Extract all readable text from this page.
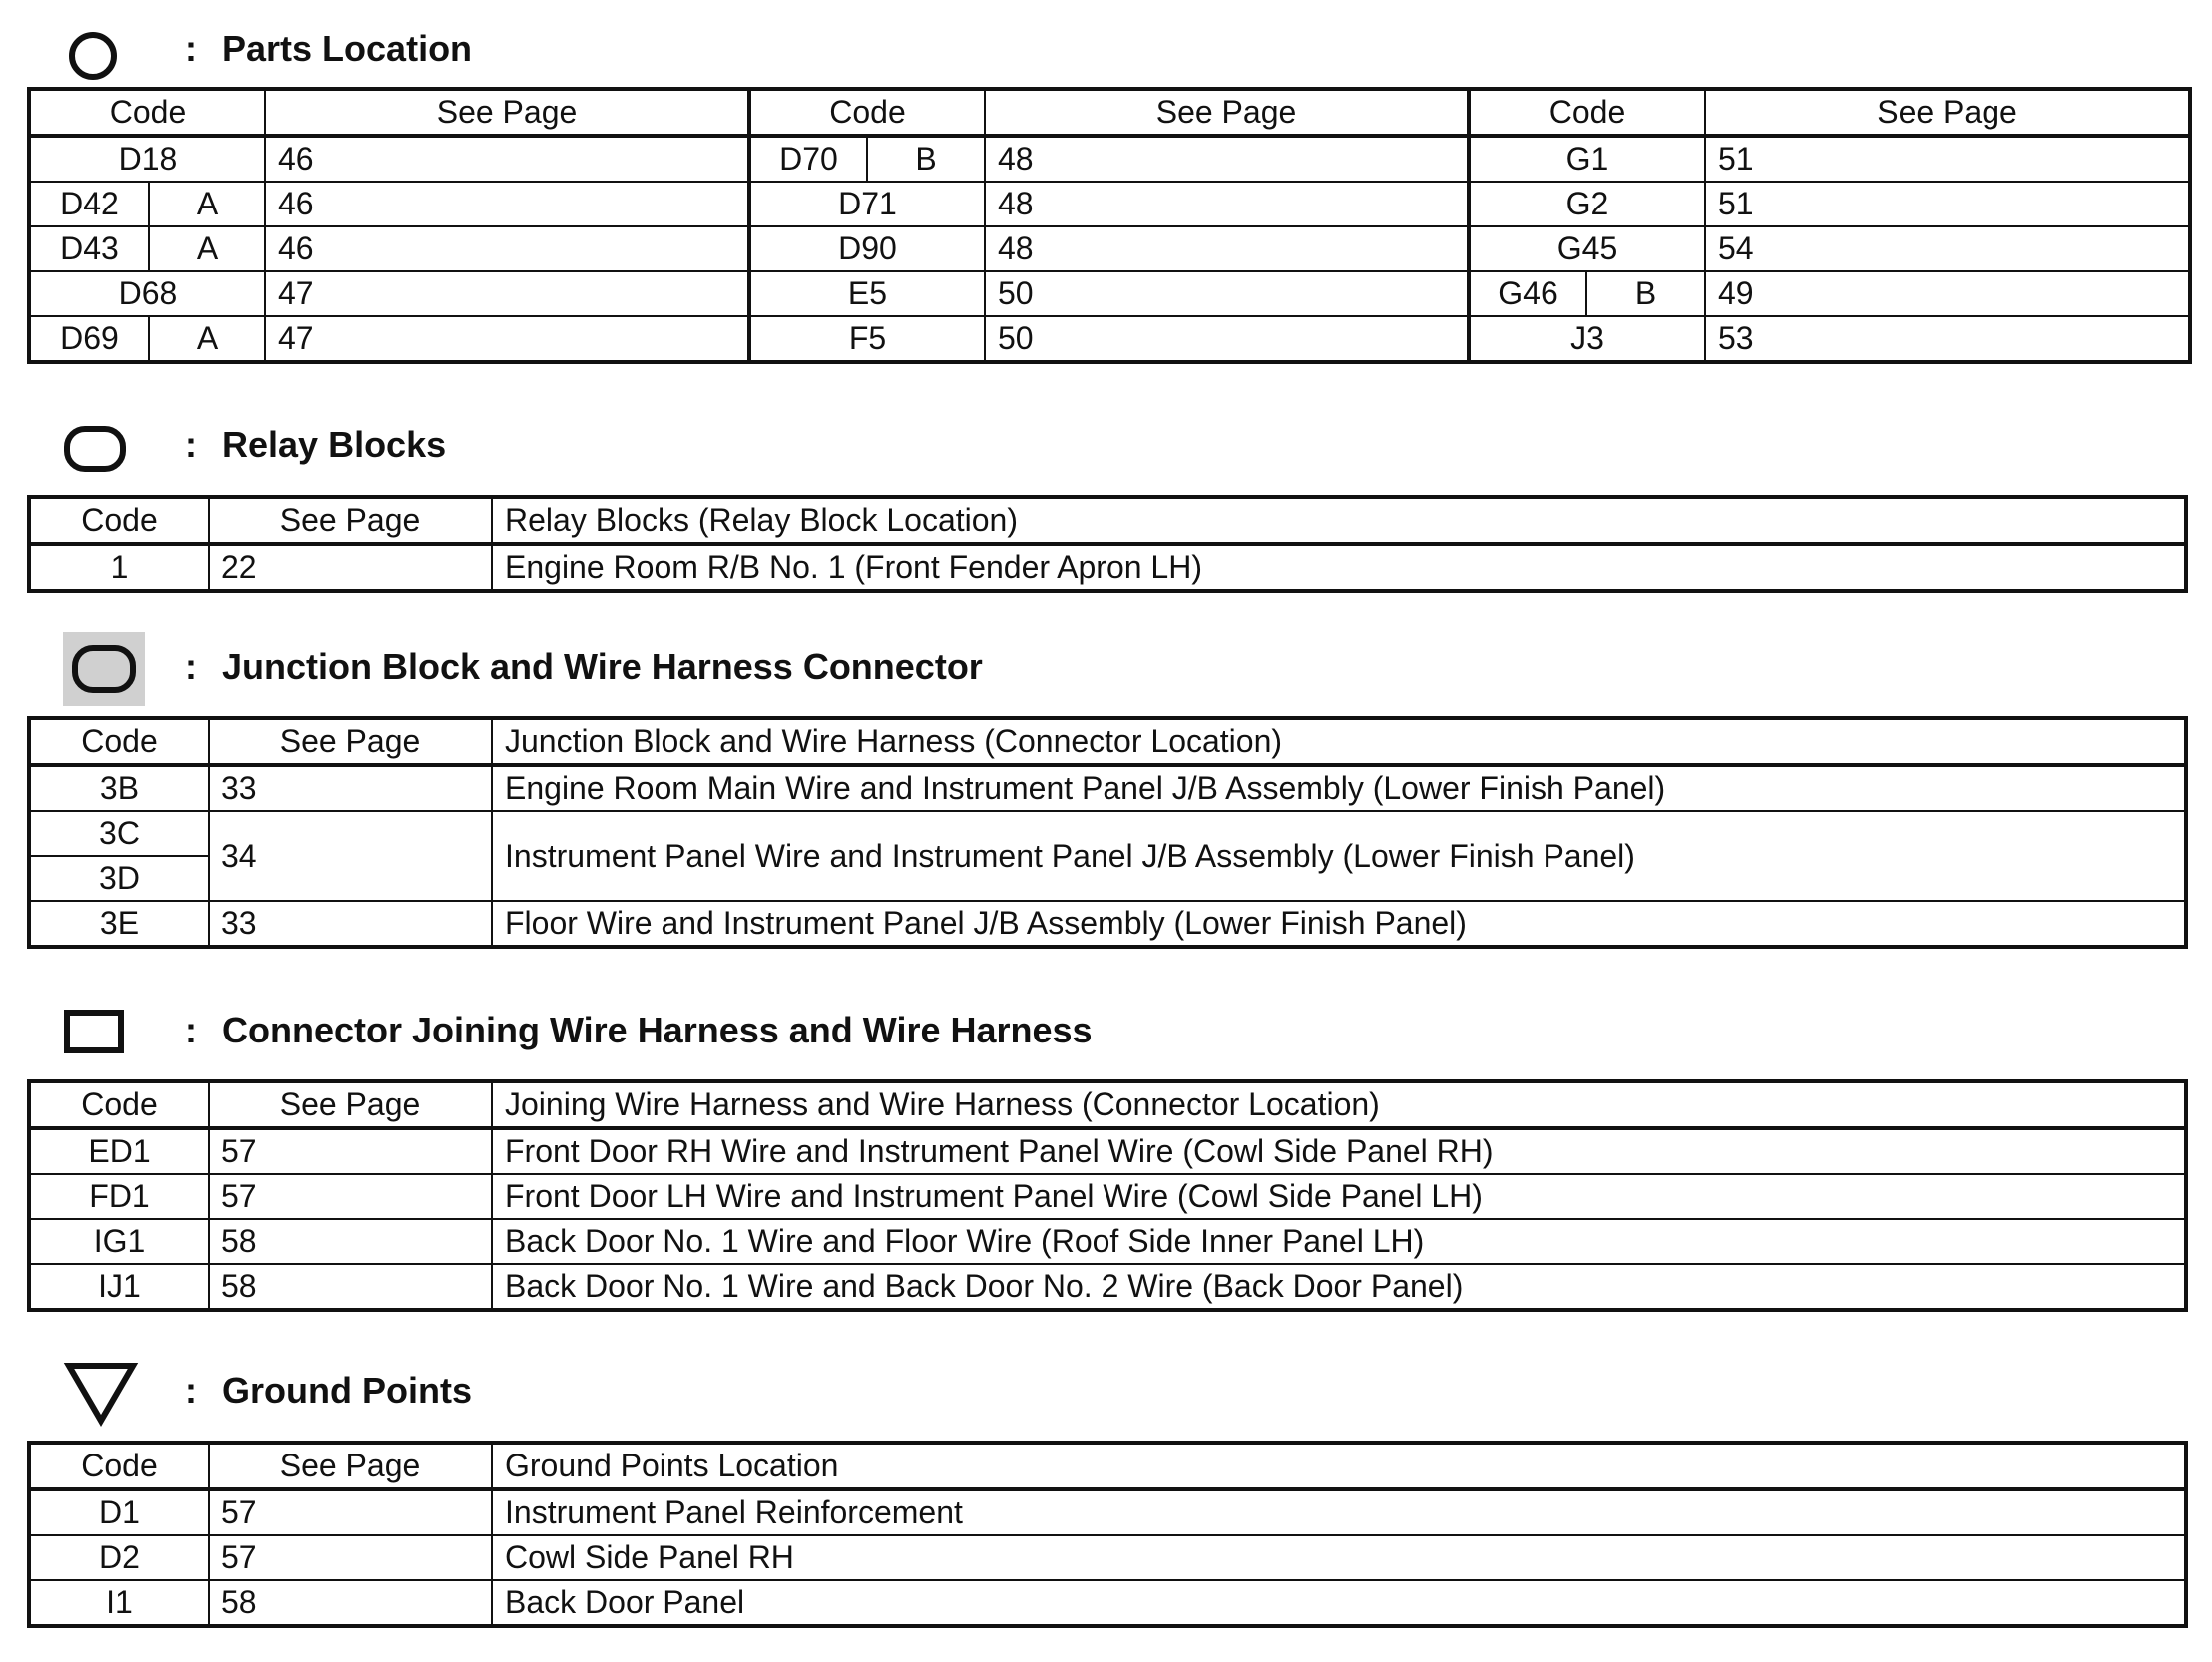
: Parts Location
Code		See Page	Code		See Page	Code		See Page
D18		46	D70	B	48	G1		51
D42	A	46	D71		48	G2		51
D43	A	46	D90		48	G45		54
D68		47	E5		50	G46	B	49
D69	A	47	F5		50	J3		53
: Relay Blocks
Code	See Page	Relay Blocks (Relay Block Location)
1	22	Engine Room R/B No. 1 (Front Fender Apron LH)
: Junction Block and Wire Harness Connector
Code	See Page	Junction Block and Wire Harness (Connector Location)
3B	33	Engine Room Main Wire and Instrument Panel J/B Assembly (Lower Finish Panel)
3C	34	Instrument Panel Wire and Instrument Panel J/B Assembly (Lower Finish Panel)
3D		
3E	33	Floor Wire and Instrument Panel J/B Assembly (Lower Finish Panel)
: Connector Joining Wire Harness and Wire Harness
Code	See Page	Joining Wire Harness and Wire Harness (Connector Location)
ED1	57	Front Door RH Wire and Instrument Panel Wire (Cowl Side Panel RH)
FD1	57	Front Door LH Wire and Instrument Panel Wire (Cowl Side Panel LH)
IG1	58	Back Door No. 1 Wire and Floor Wire (Roof Side Inner Panel LH)
IJ1	58	Back Door No. 1 Wire and Back Door No. 2 Wire (Back Door Panel)
: Ground Points
Code	See Page	Ground Points Location
D1	57	Instrument Panel Reinforcement
D2	57	Cowl Side Panel RH
I1	58	Back Door Panel
